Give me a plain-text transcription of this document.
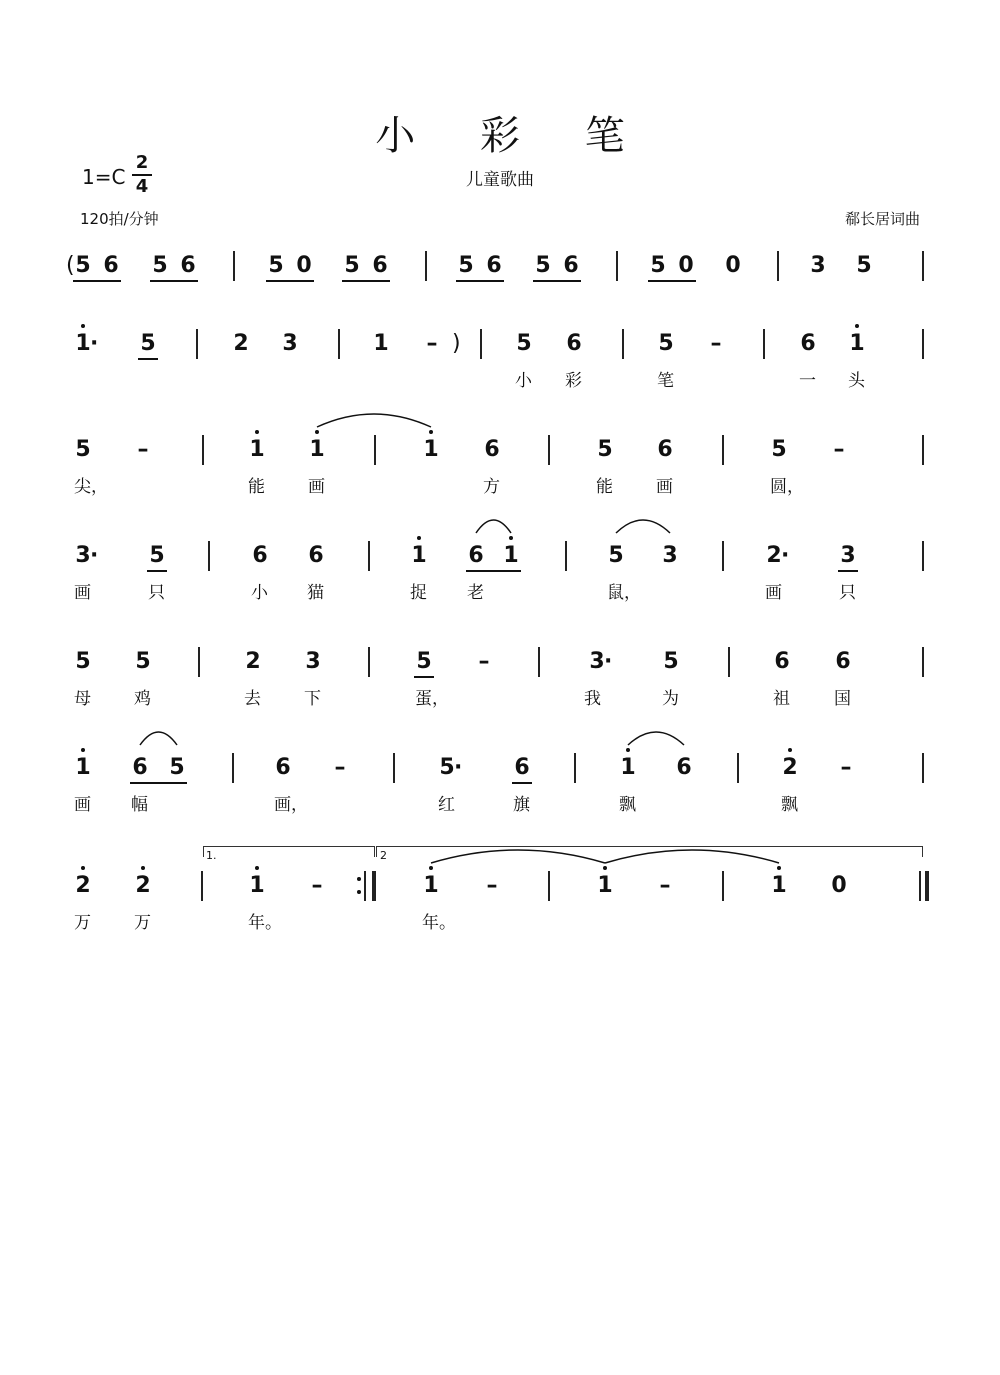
小 彩 笔
1=C
2
4	儿童歌曲
120拍/分钟	郗长居词曲
5 6 5 6	5 0 5 6	5 6 5 6	5 0 0	3 5
(
1 · 5	2 3	1 –	5 6	5 –	6 1
)
小 彩	笔	一 头
5 –	1 1	1 6	5 6	5 –
尖，	能	画	方	能	画	圆，
3 · 5	6 6	1 6 1	5 3	2 · 3
画	只	小 猫	捉 老	鼠，	画	只
5 5	2 3	5 –	3 · 5	6 6
母	鸡	去	下	蛋，	我	为	祖	国
1 6 5	6 –	5 · 6	1 6	2 –
画 幅	画，	红	旗	飘	飘
2 2	1 –	1 –	1 –	1 0
万	万	年。	年。
1.	2
